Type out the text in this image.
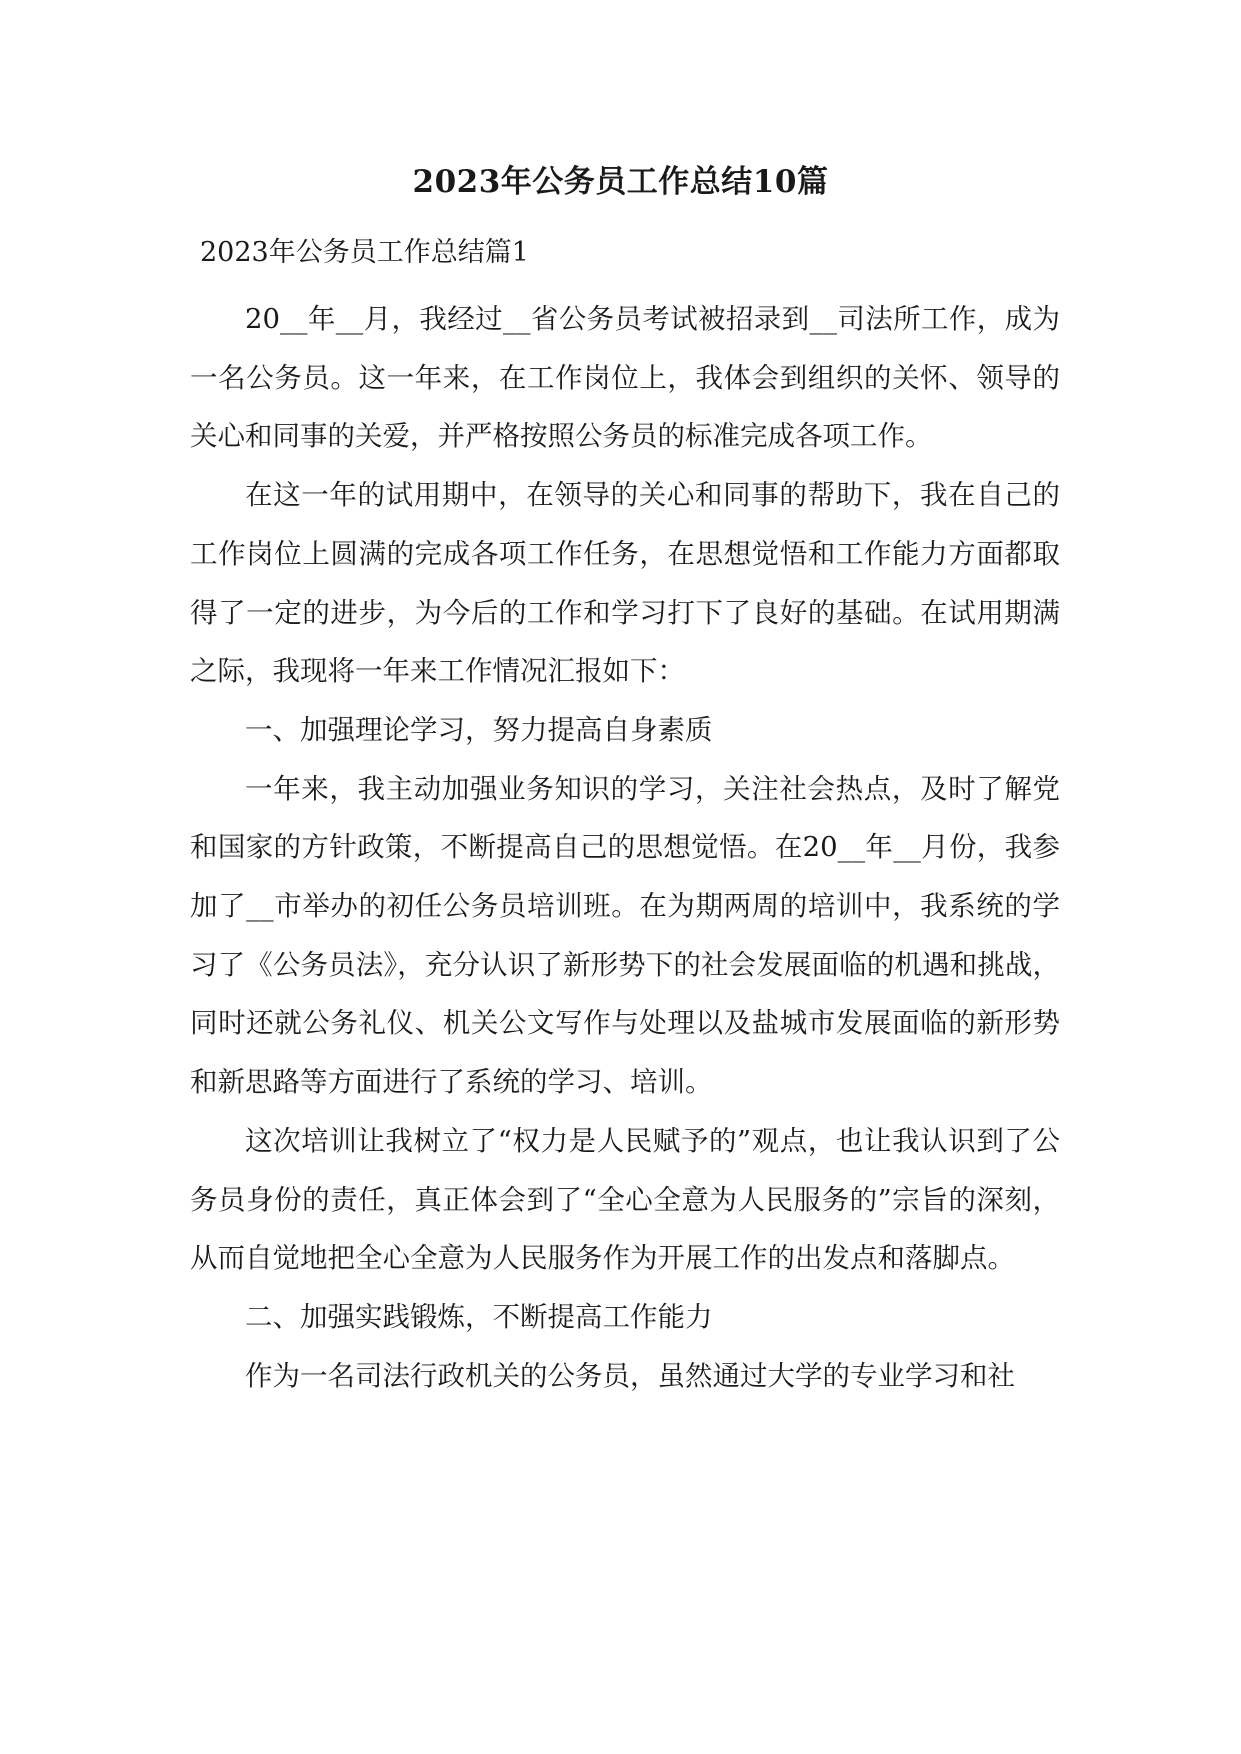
2023年公务员工作总结10篇
2023年公务员工作总结篇1

20__年__月，我经过__省公务员考试被招录到__司法所工作，成为一名公务员。这一年来，在工作岗位上，我体会到组织的关怀、领导的关心和同事的关爱，并严格按照公务员的标准完成各项工作。

在这一年的试用期中，在领导的关心和同事的帮助下，我在自己的工作岗位上圆满的完成各项工作任务，在思想觉悟和工作能力方面都取得了一定的进步，为今后的工作和学习打下了良好的基础。在试用期满之际，我现将一年来工作情况汇报如下：

一、加强理论学习，努力提高自身素质

一年来，我主动加强业务知识的学习，关注社会热点，及时了解党和国家的方针政策，不断提高自己的思想觉悟。在20__年__月份，我参加了__市举办的初任公务员培训班。在为期两周的培训中，我系统的学习了《公务员法》，充分认识了新形势下的社会发展面临的机遇和挑战，同时还就公务礼仪、机关公文写作与处理以及盐城市发展面临的新形势和新思路等方面进行了系统的学习、培训。

这次培训让我树立了“权力是人民赋予的”观点，也让我认识到了公务员身份的责任，真正体会到了“全心全意为人民服务的”宗旨的深刻，从而自觉地把全心全意为人民服务作为开展工作的出发点和落脚点。

二、加强实践锻炼，不断提高工作能力

作为一名司法行政机关的公务员，虽然通过大学的专业学习和社
